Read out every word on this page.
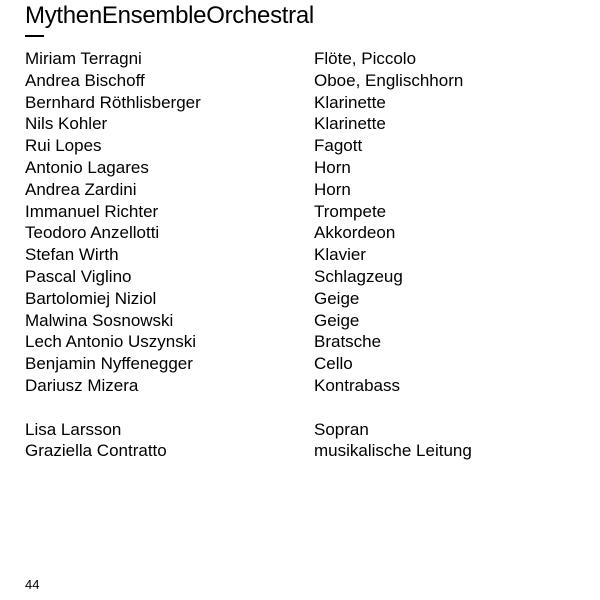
MythenEnsembleOrchestral
Miriam Terragni	Flöte, Piccolo
Andrea Bischoff	Oboe, Englischhorn
Bernhard Röthlisberger	Klarinette
Nils Kohler	Klarinette
Rui Lopes	Fagott
Antonio Lagares	Horn
Andrea Zardini	Horn
Immanuel Richter	Trompete
Teodoro Anzellotti	Akkordeon
Stefan Wirth	Klavier
Pascal Viglino	Schlagzeug
Bartolomiej Niziol	Geige
Malwina Sosnowski	Geige
Lech Antonio Uszynski	Bratsche
Benjamin Nyffenegger	Cello
Dariusz Mizera	Kontrabass
Lisa Larsson	Sopran
Graziella Contratto	musikalische Leitung
44
